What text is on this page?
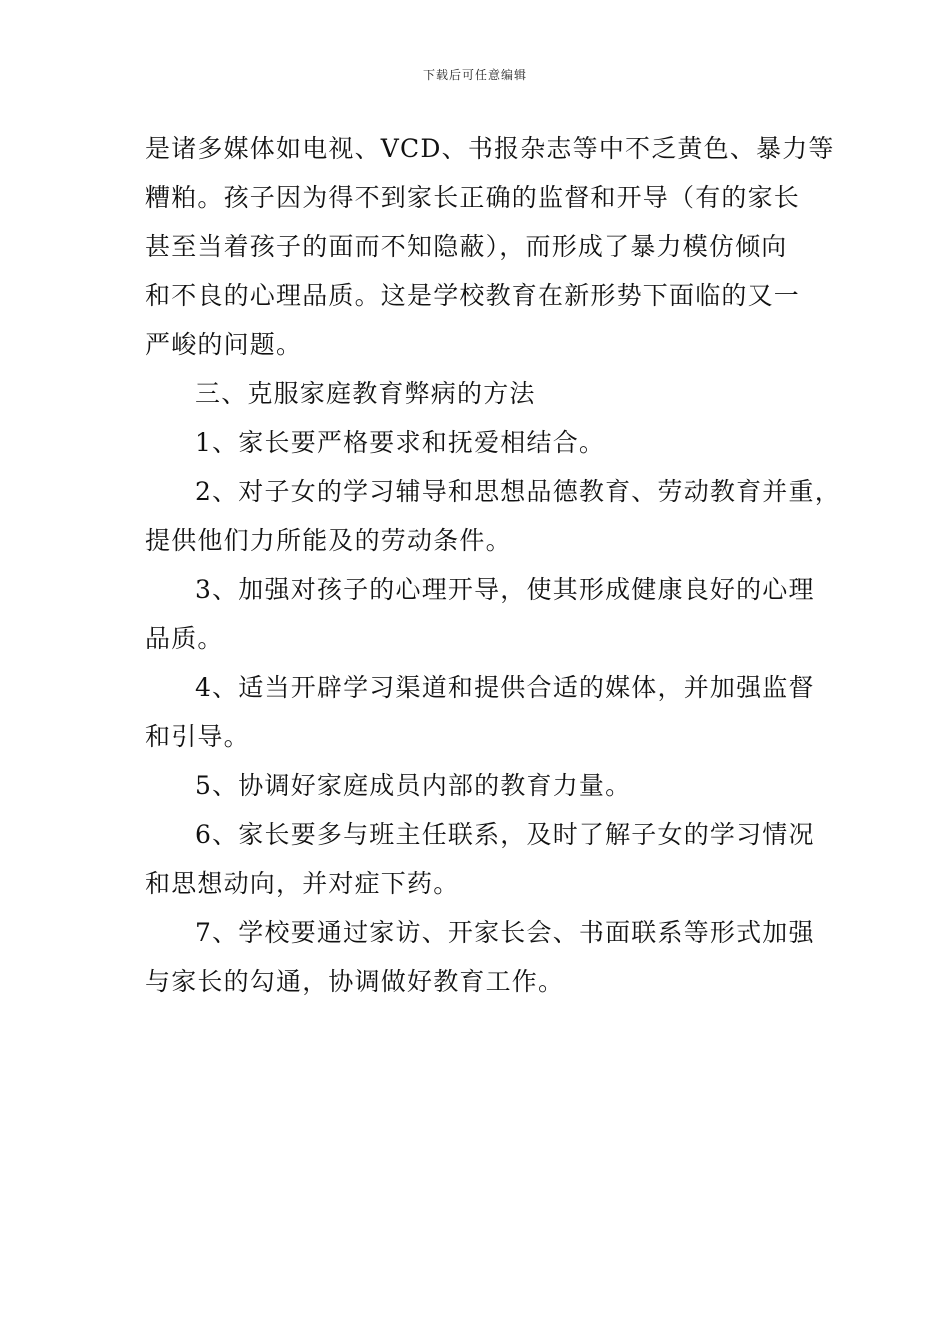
下载后可任意编辑

是诸多媒体如电视、VCD、书报杂志等中不乏黄色、暴力等
糟粕。孩子因为得不到家长正确的监督和开导（有的家长
甚至当着孩子的面而不知隐蔽），而形成了暴力模仿倾向
和不良的心理品质。这是学校教育在新形势下面临的又一
严峻的问题。

三、克服家庭教育弊病的方法

1、家长要严格要求和抚爱相结合。

2、对子女的学习辅导和思想品德教育、劳动教育并重，
提供他们力所能及的劳动条件。

3、加强对孩子的心理开导，使其形成健康良好的心理
品质。

4、适当开辟学习渠道和提供合适的媒体，并加强监督
和引导。

5、协调好家庭成员内部的教育力量。

6、家长要多与班主任联系，及时了解子女的学习情况
和思想动向，并对症下药。

7、学校要通过家访、开家长会、书面联系等形式加强
与家长的勾通，协调做好教育工作。
